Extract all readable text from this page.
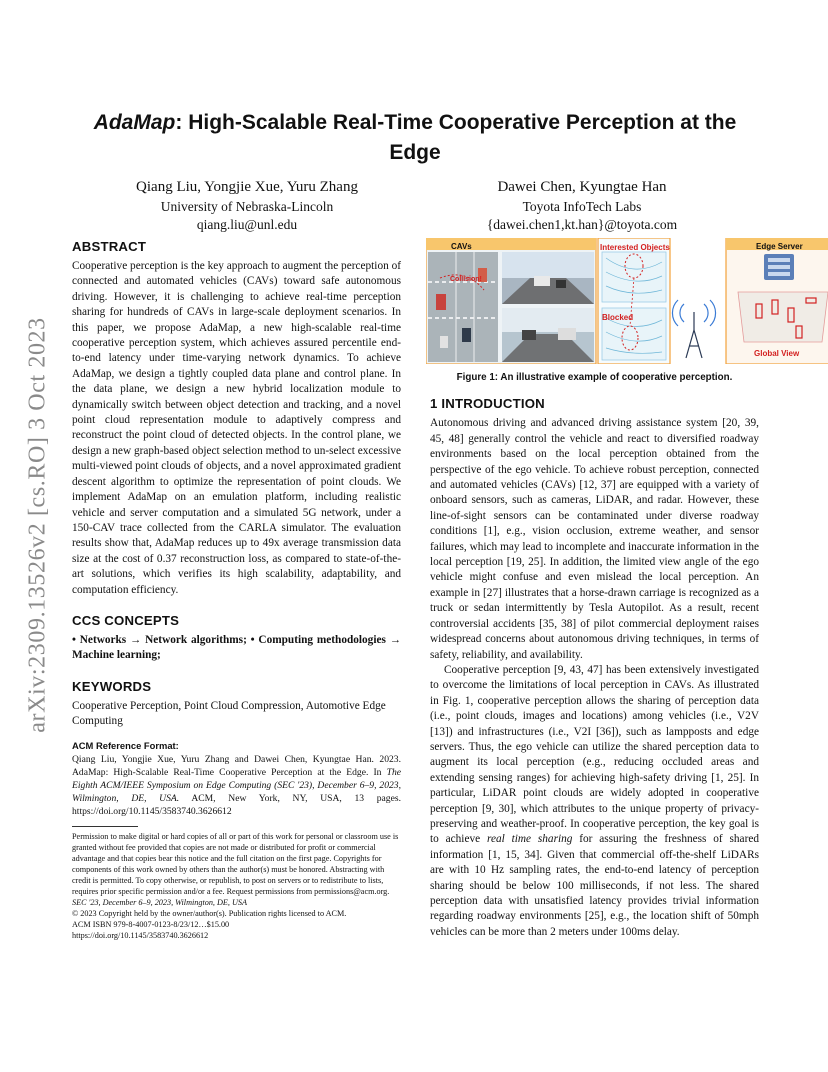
arXiv:2309.13526v2 [cs.RO] 3 Oct 2023
AdaMap: High-Scalable Real-Time Cooperative Perception at the
Edge
Qiang Liu, Yongjie Xue, Yuru Zhang
University of Nebraska-Lincoln
qiang.liu@unl.edu
Dawei Chen, Kyungtae Han
Toyota InfoTech Labs
{dawei.chen1,kt.han}@toyota.com
ABSTRACT

Cooperative perception is the key approach to augment the perception of connected and automated vehicles (CAVs) toward safe autonomous driving. However, it is challenging to achieve real-time perception sharing for hundreds of CAVs in large-scale deployment scenarios. In this paper, we propose AdaMap, a new high-scalable real-time cooperative perception system, which achieves assured percentile end-to-end latency under time-varying network dynamics. To achieve AdaMap, we design a tightly coupled data plane and control plane. In the data plane, we design a new hybrid localization module to dynamically switch between object detection and tracking, and a novel point cloud representation module to adaptively compress and reconstruct the point cloud of detected objects. In the control plane, we design a new graph-based object selection method to un-select excessive multi-viewed point clouds of objects, and a novel approximated gradient descent algorithm to optimize the representation of point clouds. We implement AdaMap on an emulation platform, including realistic vehicle and server computation and a simulated 5G network, under a 150-CAV trace collected from the CARLA simulator. The evaluation results show that, AdaMap reduces up to 49x average transmission data size at the cost of 0.37 reconstruction loss, as compared to state-of-the-art solutions, which verifies its high scalability, adaptability, and computation efficiency.

CCS CONCEPTS

• Networks → Network algorithms; • Computing methodologies → Machine learning;

KEYWORDS

Cooperative Perception, Point Cloud Compression, Automotive Edge Computing

ACM Reference Format:
Qiang Liu, Yongjie Xue, Yuru Zhang and Dawei Chen, Kyungtae Han. 2023. AdaMap: High-Scalable Real-Time Cooperative Perception at the Edge. In The Eighth ACM/IEEE Symposium on Edge Computing (SEC '23), December 6–9, 2023, Wilmington, DE, USA. ACM, New York, NY, USA, 13 pages. https://doi.org/10.1145/3583740.3626612
Permission to make digital or hard copies of all or part of this work for personal or classroom use is granted without fee provided that copies are not made or distributed for profit or commercial advantage and that copies bear this notice and the full citation on the first page. Copyrights for components of this work owned by others than the author(s) must be honored. Abstracting with credit is permitted. To copy otherwise, or republish, to post on servers or to redistribute to lists, requires prior specific permission and/or a fee. Request permissions from permissions@acm.org.
SEC '23, December 6–9, 2023, Wilmington, DE, USA
© 2023 Copyright held by the owner/author(s). Publication rights licensed to ACM.
ACM ISBN 979-8-4007-0123-8/23/12…$15.00
https://doi.org/10.1145/3583740.3626612
CAVs	Interested Objects	Edge Server
Collision!
Blocked
Global View
Figure 1: An illustrative example of cooperative perception.
1 INTRODUCTION

Autonomous driving and advanced driving assistance system [20, 39, 45, 48] generally control the vehicle and react to diversified roadway environments based on the local perception obtained from the perspective of the ego vehicle. To achieve robust perception, connected and automated vehicles (CAVs) [12, 37] are equipped with a variety of onboard sensors, such as cameras, LiDAR, and radar. However, these line-of-sight sensors can be contaminated under diverse roadway conditions [1], e.g., vision occlusion, extreme weather, and sensor failures, which may lead to incomplete and inaccurate information in the local perception [19, 25]. In addition, the limited view angle of the ego vehicle might confuse and even mislead the local perception. An example in [27] illustrates that a horse-drawn carriage is recognized as a truck or sedan intermittently by Tesla Autopilot. As a result, recent controversial accidents [35, 38] of pilot commercial deployment raises widespread concerns about autonomous driving techniques, in terms of safety, reliability, and availability.

Cooperative perception [9, 43, 47] has been extensively investigated to overcome the limitations of local perception in CAVs. As illustrated in Fig. 1, cooperative perception allows the sharing of perception data (i.e., point clouds, images and locations) among vehicles (i.e., V2V [13]) and infrastructures (i.e., V2I [36]), such as lampposts and edge servers. Thus, the ego vehicle can utilize the shared perception data to augment its local perception (e.g., reducing occluded areas and extending sensing ranges) for achieving high-safety driving [1, 25]. In particular, LiDAR point clouds are widely adopted in cooperative perception [9, 30], which attributes to the unique property of privacy-preserving and weather-proof. In cooperative perception, the key goal is to achieve real time sharing for assuring the freshness of shared information [1, 15, 34]. Given that commercial off-the-shelf LiDARs are with 10 Hz sampling rates, the end-to-end latency of perception sharing should be below 100 milliseconds, if not less. The shared perception data with unsatisfied latency provides trivial information regarding roadway environments [25], e.g., the location shift of 50mph vehicles can be more than 2 meters under 100ms delay.
